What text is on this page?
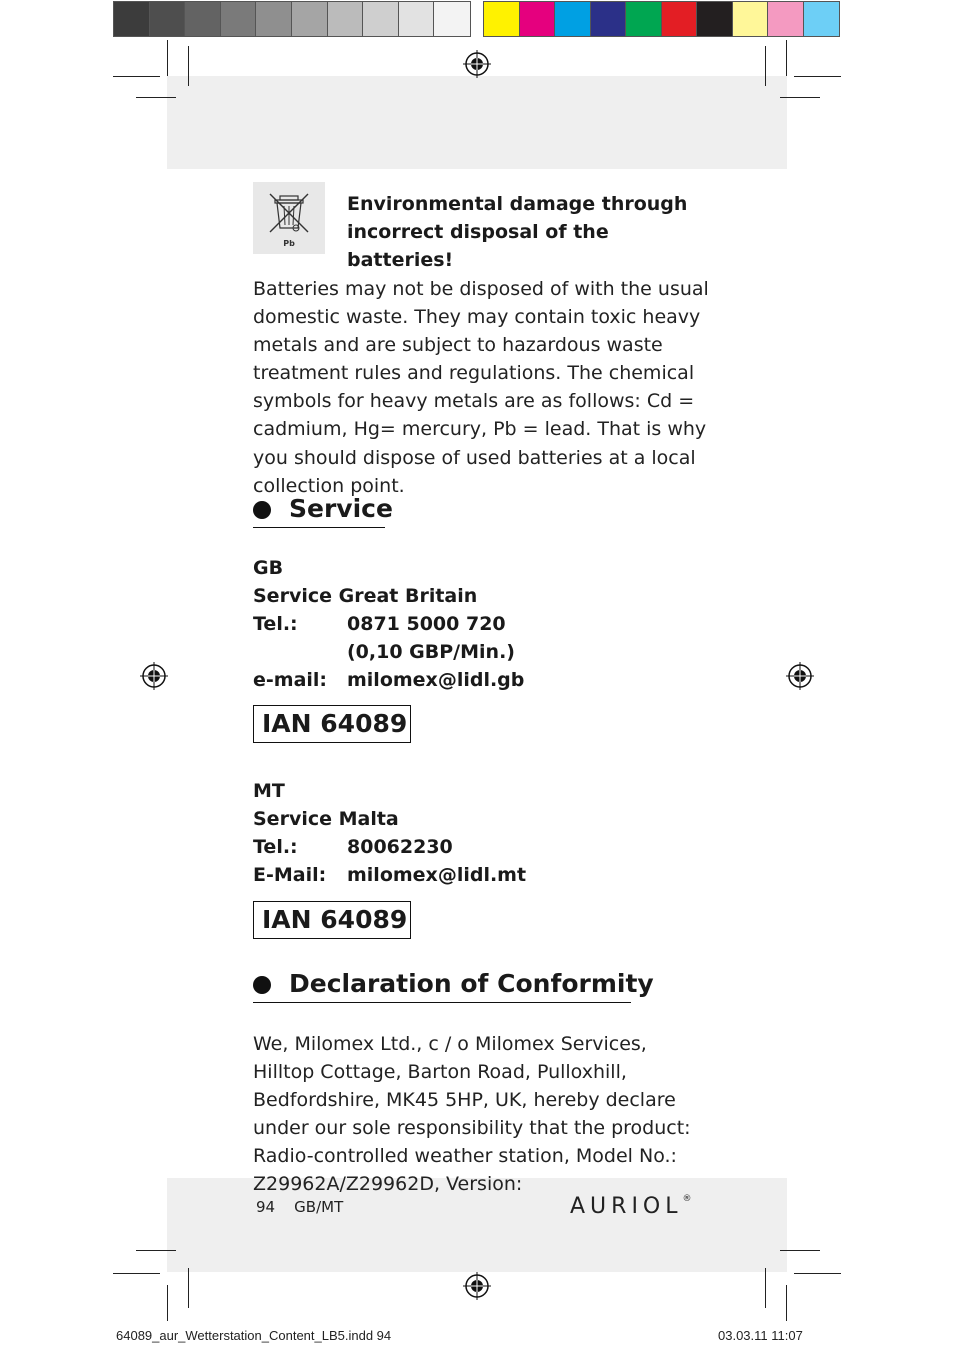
Pb
Environmental damage through incorrect disposal of the batteries!
Batteries may not be disposed of with the usual domestic waste. They may contain toxic heavy metals and are subject to hazardous waste treatment rules and regulations. The chemical symbols for heavy metals are as follows: Cd = cadmium, Hg= mercury, Pb = lead. That is why you should dispose of used batteries at a local collection point.
Service
GB
Service Great Britain
Tel.:	0871 5000 720
(0,10 GBP/Min.)
e-mail: milomex@lidl.gb
IAN 64089
MT
Service Malta
Tel.:	80062230
E-Mail: milomex@lidl.mt
IAN 64089
Declaration of Conformity
We, Milomex Ltd., c / o Milomex Services, Hilltop Cottage, Barton Road, Pulloxhill, Bedfordshire, MK45 5HP, UK, hereby declare under our sole responsibility that the product: Radio-controlled weather station, Model No.: Z29962A/Z29962D, Version:
94 GB/MT	AURIOL®
64089_aur_Wetterstation_Content_LB5.indd 94	03.03.11 11:07
